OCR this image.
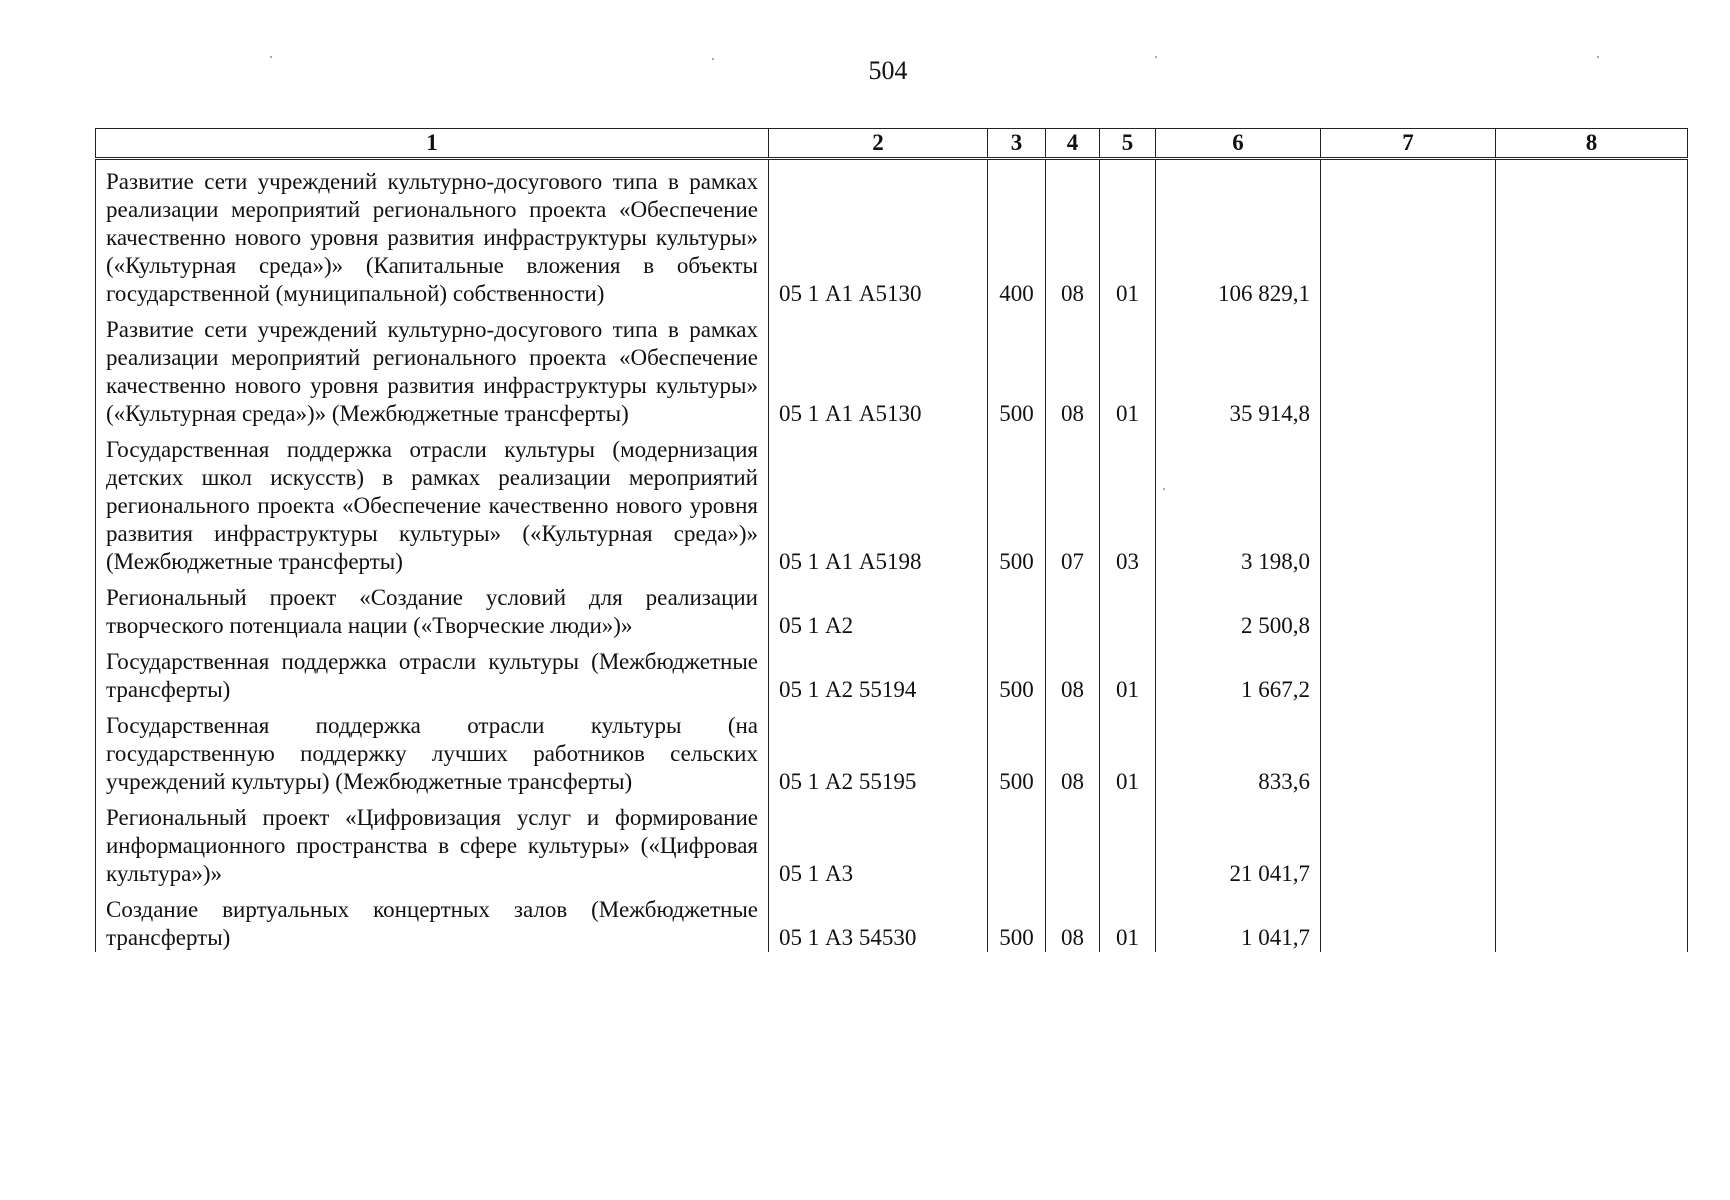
504
1	2	3	4	5	6	7	8
Развитие сети учреждений культурно-досугового типа в рамках реализации мероприятий регионального проекта «Обеспечение качественно нового уровня развития инфраструктуры культуры» («Культурная среда»)» (Капитальные вложения в объекты государственной (муниципальной) собственности)	05 1 А1 А5130	400	08	01	106 829,1		
Развитие сети учреждений культурно-досугового типа в рамках реализации мероприятий регионального проекта «Обеспечение качественно нового уровня развития инфраструктуры культуры» («Культурная среда»)» (Межбюджетные трансферты)	05 1 А1 А5130	500	08	01	35 914,8		
Государственная поддержка отрасли культуры (модернизация детских школ искусств) в рамках реализации мероприятий регионального проекта «Обеспечение качественно нового уровня развития инфраструктуры культуры» («Культурная среда»)» (Межбюджетные трансферты)	05 1 А1 А5198	500	07	03	3 198,0		
Региональный проект «Создание условий для реализации творческого потенциала нации («Творческие люди»)»	05 1 А2				2 500,8		
Государственная поддержка отрасли культуры (Межбюджетные трансферты)	05 1 А2 55194	500	08	01	1 667,2		
Государственная поддержка отрасли культуры (на государственную поддержку лучших работников сельских учреждений культуры) (Межбюджетные трансферты)	05 1 А2 55195	500	08	01	833,6		
Региональный проект «Цифровизация услуг и формирование информационного пространства в сфере культуры» («Цифровая культура»)»	05 1 А3				21 041,7		
Создание виртуальных концертных залов (Межбюджетные трансферты)	05 1 А3 54530	500	08	01	1 041,7		
